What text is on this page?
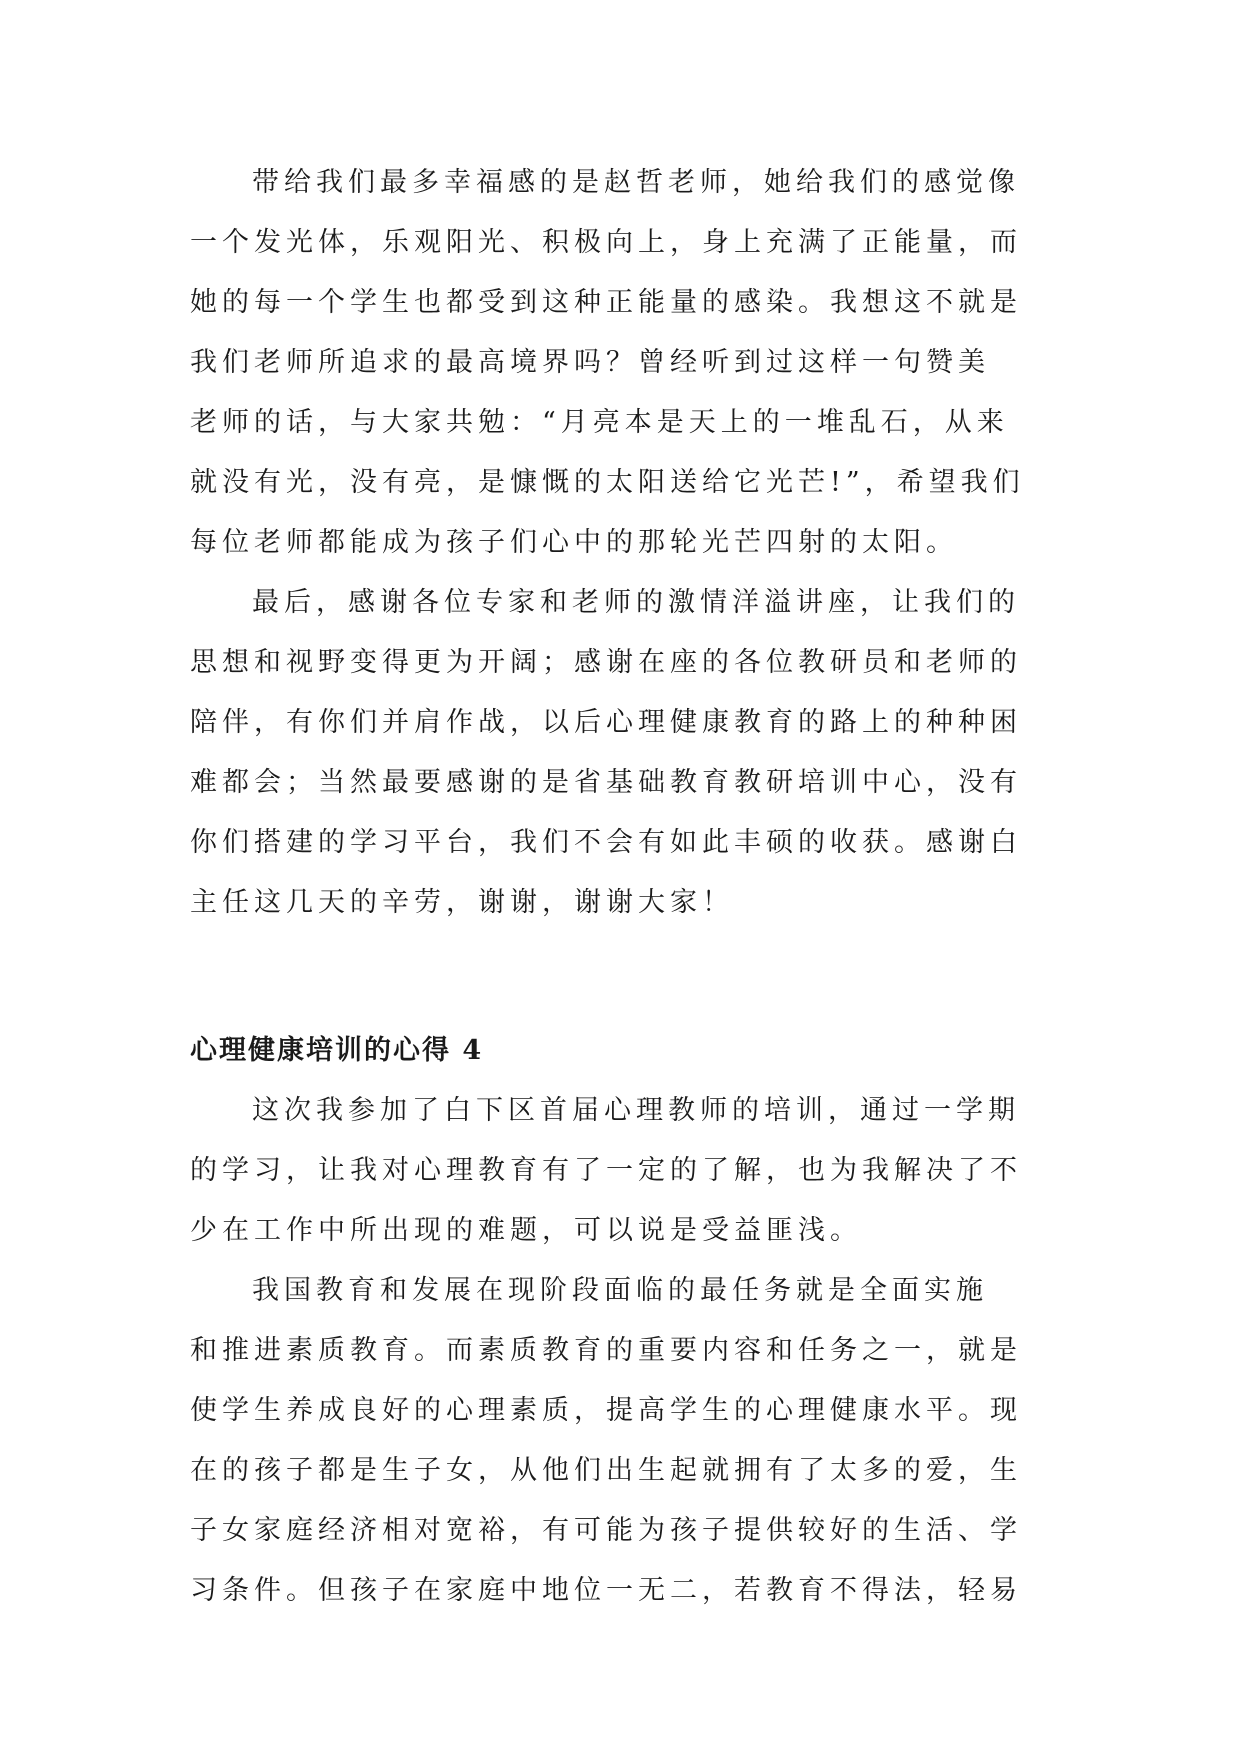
带给我们最多幸福感的是赵哲老师，她给我们的感觉像
一个发光体，乐观阳光、积极向上，身上充满了正能量，而
她的每一个学生也都受到这种正能量的感染。我想这不就是
我们老师所追求的最高境界吗？曾经听到过这样一句赞美
老师的话，与大家共勉：“月亮本是天上的一堆乱石，从来
就没有光，没有亮，是慷慨的太阳送给它光芒!”，希望我们
每位老师都能成为孩子们心中的那轮光芒四射的太阳。

最后，感谢各位专家和老师的激情洋溢讲座，让我们的
思想和视野变得更为开阔；感谢在座的各位教研员和老师的
陪伴，有你们并肩作战，以后心理健康教育的路上的种种困
难都会；当然最要感谢的是省基础教育教研培训中心，没有
你们搭建的学习平台，我们不会有如此丰硕的收获。感谢白
主任这几天的辛劳，谢谢，谢谢大家！

心理健康培训的心得 4

这次我参加了白下区首届心理教师的培训，通过一学期
的学习，让我对心理教育有了一定的了解，也为我解决了不
少在工作中所出现的难题，可以说是受益匪浅。

我国教育和发展在现阶段面临的最任务就是全面实施
和推进素质教育。而素质教育的重要内容和任务之一，就是
使学生养成良好的心理素质，提高学生的心理健康水平。现
在的孩子都是生子女，从他们出生起就拥有了太多的爱，生
子女家庭经济相对宽裕，有可能为孩子提供较好的生活、学
习条件。但孩子在家庭中地位一无二，若教育不得法，轻易
